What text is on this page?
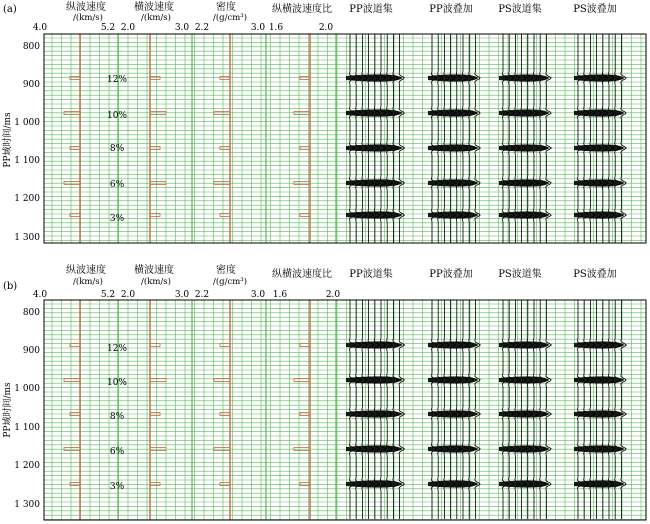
(a)	纵波速度
/(km/s)
横波速度
/(km/s)
密度
/(g/cm³)
纵横波速度比 PP波道集	PP波叠加	PS波道集	PS波叠加
4.0	5.2 2.0	3.0 2.2	3.0 1.6	2.0
PP域时间/ms
800
900
1 000
1 100
1 200
1 300
12%
10%
8%
6%
3%
(b)
纵波速度
/(km/s)
横波速度
/(km/s)
密度
/(g/cm³)
纵横波速度比 PP波道集	PP波叠加	PS波道集	PS波叠加
4.0	5.2 2.0	3.0 2.2	3.0 1.6	2.0
PP域时间/ms
800
900
1 000
1 100
1 200
1 300
12%
10%
8%
6%
3%
